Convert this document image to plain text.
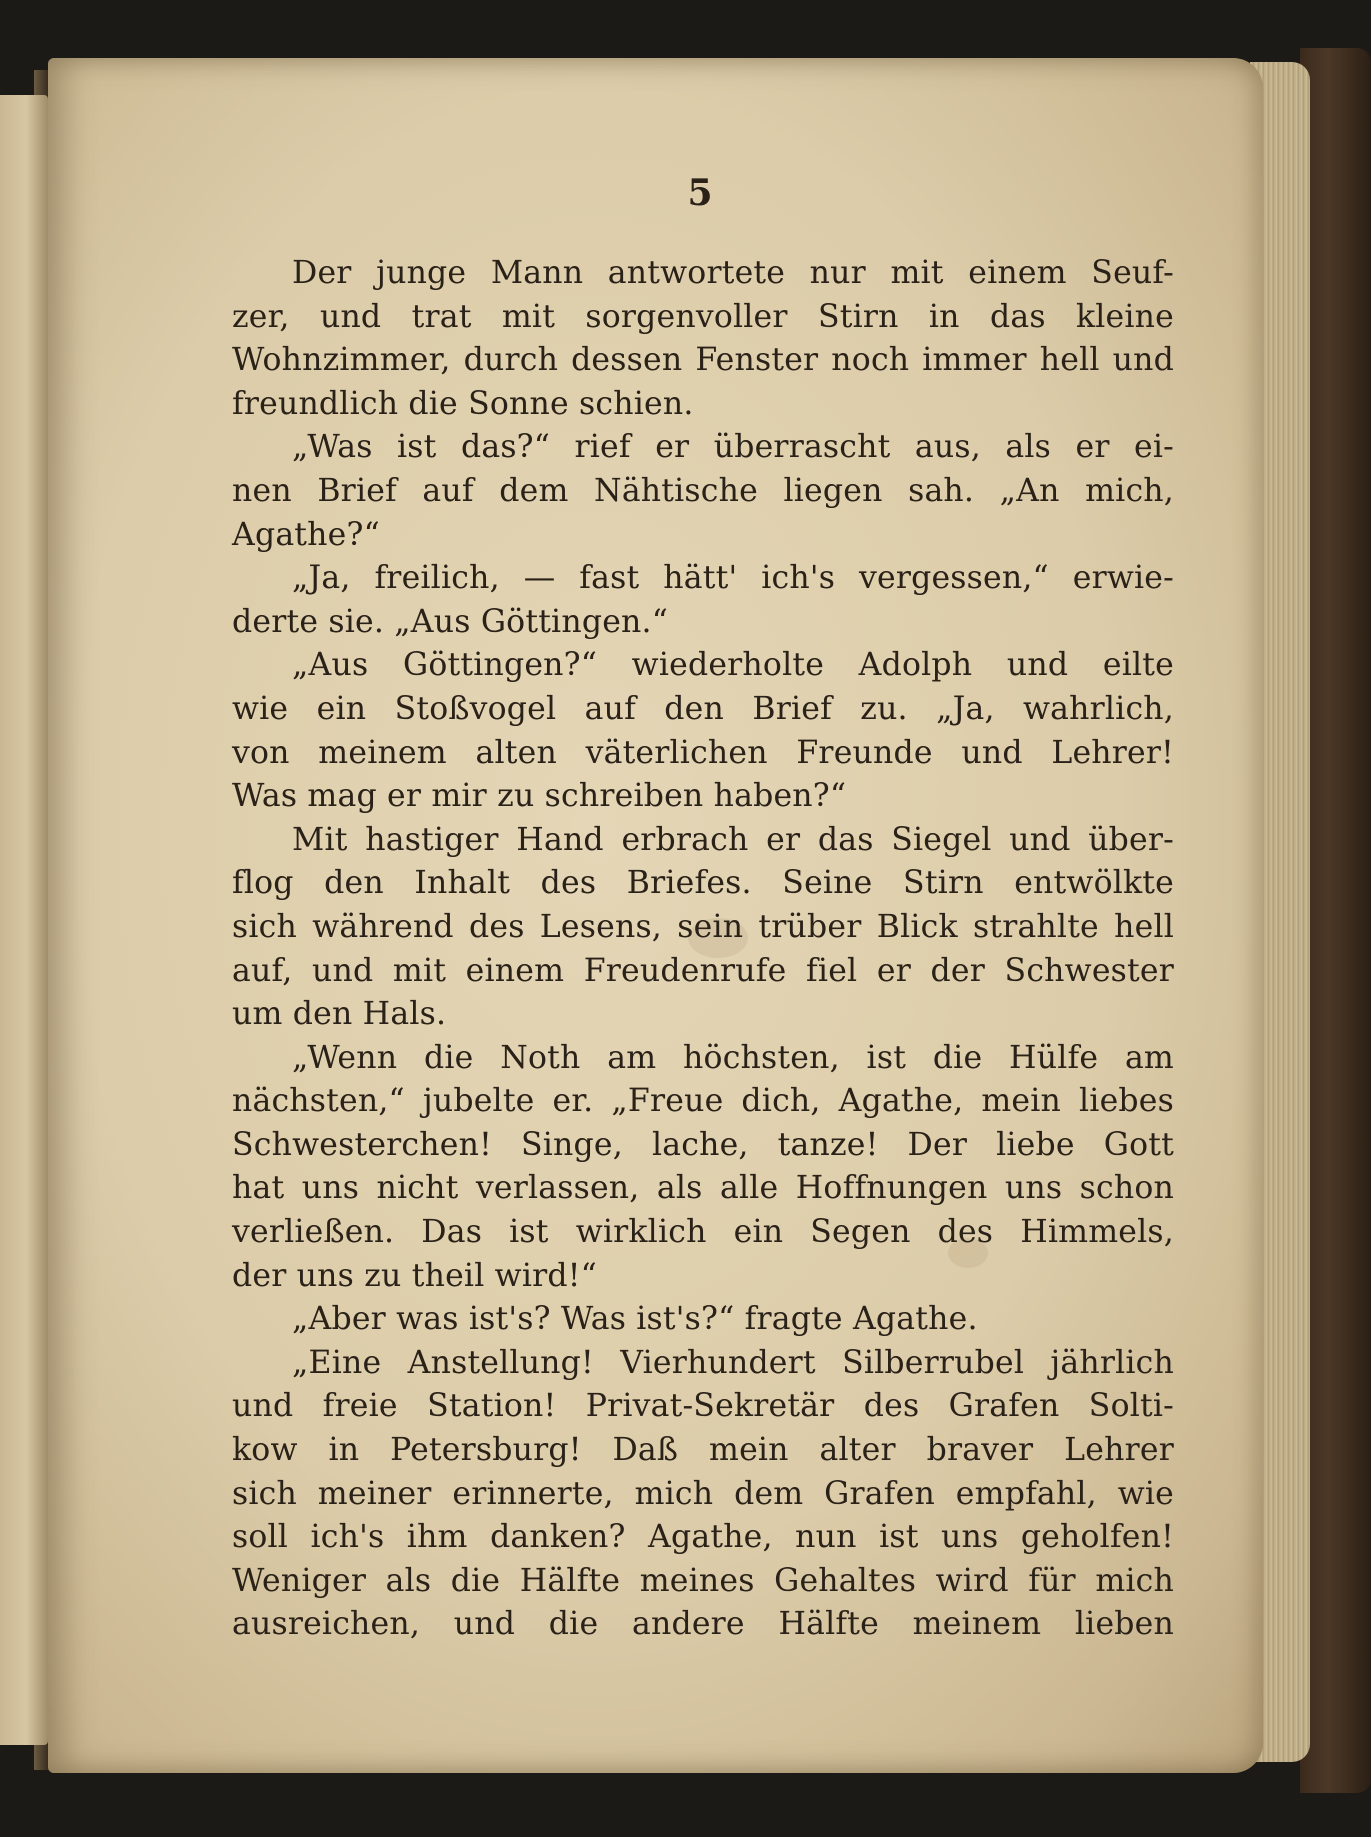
5
Der junge Mann antwortete nur mit einem Seuf-
zer, und trat mit sorgenvoller Stirn in das kleine
Wohnzimmer, durch dessen Fenster noch immer hell und
freundlich die Sonne schien.
„Was ist das?“ rief er überrascht aus, als er ei-
nen Brief auf dem Nähtische liegen sah. „An mich,
Agathe?“
„Ja, freilich, — fast hätt' ich's vergessen,“ erwie-
derte sie. „Aus Göttingen.“
„Aus Göttingen?“ wiederholte Adolph und eilte
wie ein Stoßvogel auf den Brief zu. „Ja, wahrlich,
von meinem alten väterlichen Freunde und Lehrer!
Was mag er mir zu schreiben haben?“
Mit hastiger Hand erbrach er das Siegel und über-
flog den Inhalt des Briefes. Seine Stirn entwölkte
sich während des Lesens, sein trüber Blick strahlte hell
auf, und mit einem Freudenrufe fiel er der Schwester
um den Hals.
„Wenn die Noth am höchsten, ist die Hülfe am
nächsten,“ jubelte er. „Freue dich, Agathe, mein liebes
Schwesterchen! Singe, lache, tanze! Der liebe Gott
hat uns nicht verlassen, als alle Hoffnungen uns schon
verließen. Das ist wirklich ein Segen des Himmels,
der uns zu theil wird!“
„Aber was ist's? Was ist's?“ fragte Agathe.
„Eine Anstellung! Vierhundert Silberrubel jährlich
und freie Station! Privat-Sekretär des Grafen Solti-
kow in Petersburg! Daß mein alter braver Lehrer
sich meiner erinnerte, mich dem Grafen empfahl, wie
soll ich's ihm danken? Agathe, nun ist uns geholfen!
Weniger als die Hälfte meines Gehaltes wird für mich
ausreichen, und die andere Hälfte meinem lieben
